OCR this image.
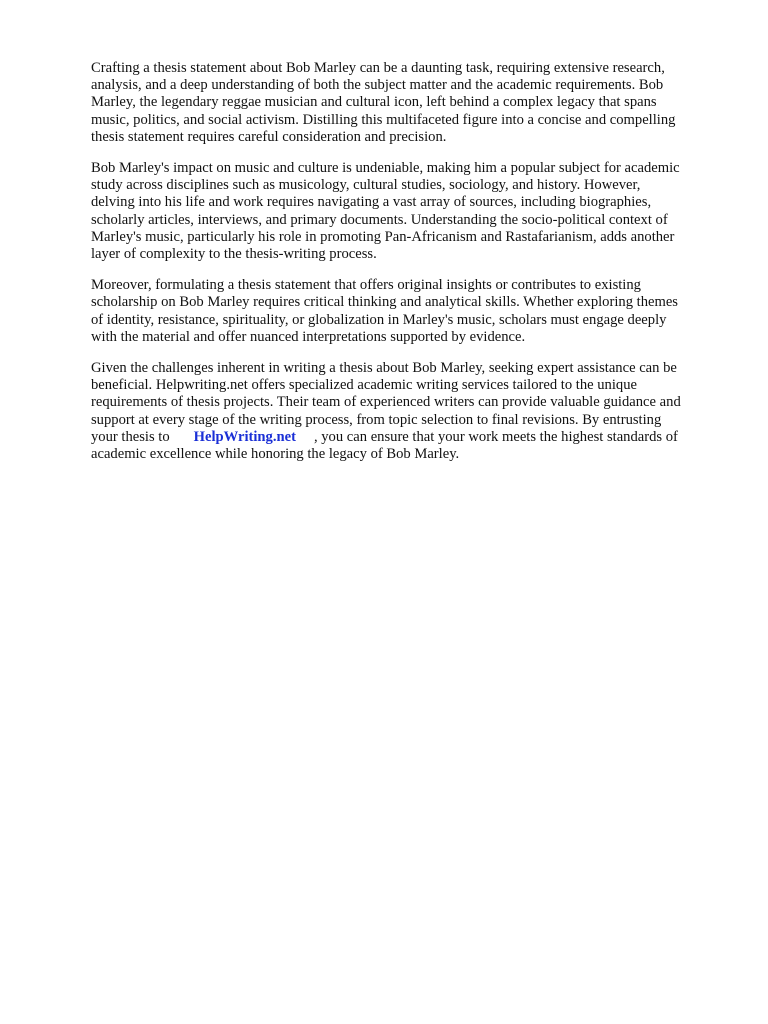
Crafting a thesis statement about Bob Marley can be a daunting task, requiring extensive research,
analysis, and a deep understanding of both the subject matter and the academic requirements. Bob
Marley, the legendary reggae musician and cultural icon, left behind a complex legacy that spans
music, politics, and social activism. Distilling this multifaceted figure into a concise and compelling
thesis statement requires careful consideration and precision.

Bob Marley's impact on music and culture is undeniable, making him a popular subject for academic
study across disciplines such as musicology, cultural studies, sociology, and history. However,
delving into his life and work requires navigating a vast array of sources, including biographies,
scholarly articles, interviews, and primary documents. Understanding the socio-political context of
Marley's music, particularly his role in promoting Pan-Africanism and Rastafarianism, adds another
layer of complexity to the thesis-writing process.

Moreover, formulating a thesis statement that offers original insights or contributes to existing
scholarship on Bob Marley requires critical thinking and analytical skills. Whether exploring themes
of identity, resistance, spirituality, or globalization in Marley's music, scholars must engage deeply
with the material and offer nuanced interpretations supported by evidence.

Given the challenges inherent in writing a thesis about Bob Marley, seeking expert assistance can be
beneficial. Helpwriting.net offers specialized academic writing services tailored to the unique
requirements of thesis projects. Their team of experienced writers can provide valuable guidance and
support at every stage of the writing process, from topic selection to final revisions. By entrusting
your thesis to HelpWriting.net , you can ensure that your work meets the highest standards of
academic excellence while honoring the legacy of Bob Marley.
